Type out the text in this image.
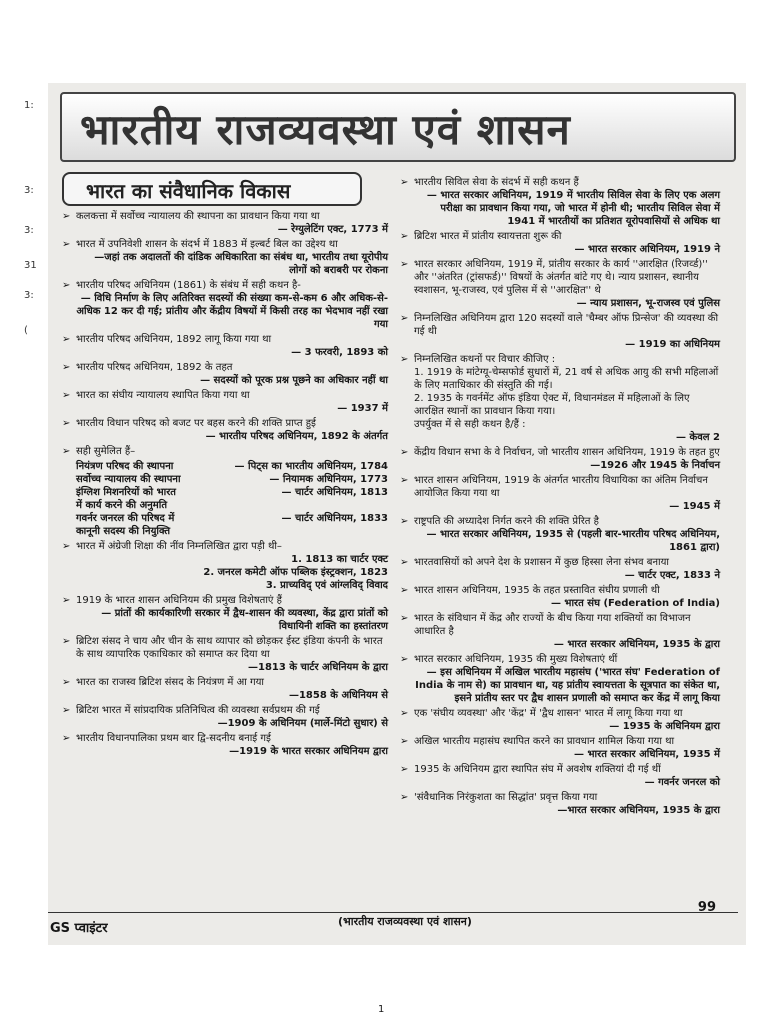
1:
3:
3:
31
3:
(
भारतीय राजव्यवस्था एवं शासन
भारत का संवैधानिक विकास
➢ कलकत्ता में सर्वोच्च न्यायालय की स्थापना का प्रावधान किया गया था
— रेग्युलेटिंग एक्ट, 1773 में
➢ भारत में उपनिवेशी शासन के संदर्भ में 1883 में इल्बर्ट बिल का उद्देश्य था
—जहां तक अदालतों की दांडिक अधिकारिता का संबंध था, भारतीय तथा यूरोपीय लोगों को बराबरी पर रोकना
➢ भारतीय परिषद अधिनियम (1861) के संबंध में सही कथन है-
— विधि निर्माण के लिए अतिरिक्त सदस्यों की संख्या कम-से-कम 6 और अधिक-से-अधिक 12 कर दी गई; प्रांतीय और केंद्रीय विषयों में किसी तरह का भेदभाव नहीं रखा गया
➢ भारतीय परिषद अधिनियम, 1892 लागू किया गया था
— 3 फरवरी, 1893 को
➢ भारतीय परिषद अधिनियम, 1892 के तहत
— सदस्यों को पूरक प्रश्न पूछने का अधिकार नहीं था
➢ भारत का संघीय न्यायालय स्थापित किया गया था
— 1937 में
➢ भारतीय विधान परिषद को बजट पर बहस करने की शक्ति प्राप्त हुई
— भारतीय परिषद अधिनियम, 1892 के अंतर्गत
➢ सही सुमेलित हैं–
नियंत्रण परिषद की स्थापना	— पिट्स का भारतीय अधिनियम, 1784
सर्वोच्च न्यायालय की स्थापना	— नियामक अधिनियम, 1773
इंग्लिश मिशनरियों को भारत	— चार्टर अधिनियम, 1813
में कार्य करने की अनुमति
गवर्नर जनरल की परिषद में	— चार्टर अधिनियम, 1833
कानूनी सदस्य की नियुक्ति
➢ भारत में अंग्रेजी शिक्षा की नींव निम्नलिखित द्वारा पड़ी थी–
1. 1813 का चार्टर एक्ट
2. जनरल कमेटी ऑफ पब्लिक इंस्ट्रक्शन, 1823
3. प्राच्यविद् एवं आंग्लविद् विवाद
➢ 1919 के भारत शासन अधिनियम की प्रमुख विशेषताएं हैं
— प्रांतों की कार्यकारिणी सरकार में द्वैध-शासन की व्यवस्था, केंद्र द्वारा प्रांतों को विधायिनी शक्ति का हस्तांतरण
➢ ब्रिटिश संसद ने चाय और चीन के साथ व्यापार को छोड़कर ईस्ट इंडिया कंपनी के भारत के साथ व्यापारिक एकाधिकार को समाप्त कर दिया था
—1813 के चार्टर अधिनियम के द्वारा
➢ भारत का राजस्व ब्रिटिश संसद के नियंत्रण में आ गया
—1858 के अधिनियम से
➢ ब्रिटिश भारत में सांप्रदायिक प्रतिनिधित्व की व्यवस्था सर्वप्रथम की गई
—1909 के अधिनियम (मार्ले-मिंटो सुधार) से
➢ भारतीय विधानपालिका प्रथम बार द्वि-सदनीय बनाई गई
—1919 के भारत सरकार अधिनियम द्वारा
➢ भारतीय सिविल सेवा के संदर्भ में सही कथन हैं
— भारत सरकार अधिनियम, 1919 में भारतीय सिविल सेवा के लिए एक अलग परीक्षा का प्रावधान किया गया, जो भारत में होनी थी; भारतीय सिविल सेवा में 1941 में भारतीयों का प्रतिशत यूरोपवासियों से अधिक था
➢ ब्रिटिश भारत में प्रांतीय स्वायत्तता शुरू की
— भारत सरकार अधिनियम, 1919 ने
➢ भारत सरकार अधिनियम, 1919 में, प्रांतीय सरकार के कार्य ''आरक्षित (रिजर्व्ड)'' और ''अंतरित (ट्रांसफर्ड)'' विषयों के अंतर्गत बांटे गए थे। न्याय प्रशासन, स्थानीय स्वशासन, भू-राजस्व, एवं पुलिस में से ''आरक्षित'' थे
— न्याय प्रशासन, भू-राजस्व एवं पुलिस
➢ निम्नलिखित अधिनियम द्वारा 120 सदस्यों वाले 'चैम्बर ऑफ प्रिन्सेज' की व्यवस्था की गई थी
— 1919 का अधिनियम
➢ निम्नलिखित कथनों पर विचार कीजिए :
1. 1919 के मांटेग्यू-चेम्सफोर्ड सुधारों में, 21 वर्ष से अधिक आयु की सभी महिलाओं के लिए मताधिकार की संस्तुति की गई।
2. 1935 के गवर्नमेंट ऑफ इंडिया ऐक्ट में, विधानमंडल में महिलाओं के लिए आरक्षित स्थानों का प्रावधान किया गया।
उपर्युक्त में से सही कथन है/हैं :
— केवल 2
➢ केंद्रीय विधान सभा के वे निर्वाचन, जो भारतीय शासन अधिनियम, 1919 के तहत हुए
—1926 और 1945 के निर्वाचन
➢ भारत शासन अधिनियम, 1919 के अंतर्गत भारतीय विधायिका का अंतिम निर्वाचन आयोजित किया गया था
— 1945 में
➢ राष्ट्रपति की अध्यादेश निर्गत करने की शक्ति प्रेरित है
— भारत सरकार अधिनियम, 1935 से (पहली बार-भारतीय परिषद अधिनियम, 1861 द्वारा)
➢ भारतवासियों को अपने देश के प्रशासन में कुछ हिस्सा लेना संभव बनाया
— चार्टर एक्ट, 1833 ने
➢ भारत शासन अधिनियम, 1935 के तहत प्रस्तावित संघीय प्रणाली थी
— भारत संघ (Federation of India)
➢ भारत के संविधान में केंद्र और राज्यों के बीच किया गया शक्तियों का विभाजन आधारित है
— भारत सरकार अधिनियम, 1935 के द्वारा
➢ भारत सरकार अधिनियम, 1935 की मुख्य विशेषताएं थीं
— इस अधिनियम में अखिल भारतीय महासंघ ('भारत संघ' Federation of India के नाम से) का प्रावधान था, यह प्रांतीय स्वायत्तता के सूत्रपात का संकेत था, इसने प्रांतीय स्तर पर द्वैध शासन प्रणाली को समाप्त कर केंद्र में लागू किया
➢ एक 'संघीय व्यवस्था' और 'केंद्र' में 'द्वैध शासन' भारत में लागू किया गया था
— 1935 के अधिनियम द्वारा
➢ अखिल भारतीय महासंघ स्थापित करने का प्रावधान शामिल किया गया था
— भारत सरकार अधिनियम, 1935 में
➢ 1935 के अधिनियम द्वारा स्थापित संघ में अवशेष शक्तियां दी गई थीं
— गवर्नर जनरल को
➢ 'संवैधानिक निरंकुशता का सिद्धांत' प्रवृत्त किया गया
—भारत सरकार अधिनियम, 1935 के द्वारा
GS प्वाइंटर	(भारतीय राजव्यवस्था एवं शासन)
99
1
